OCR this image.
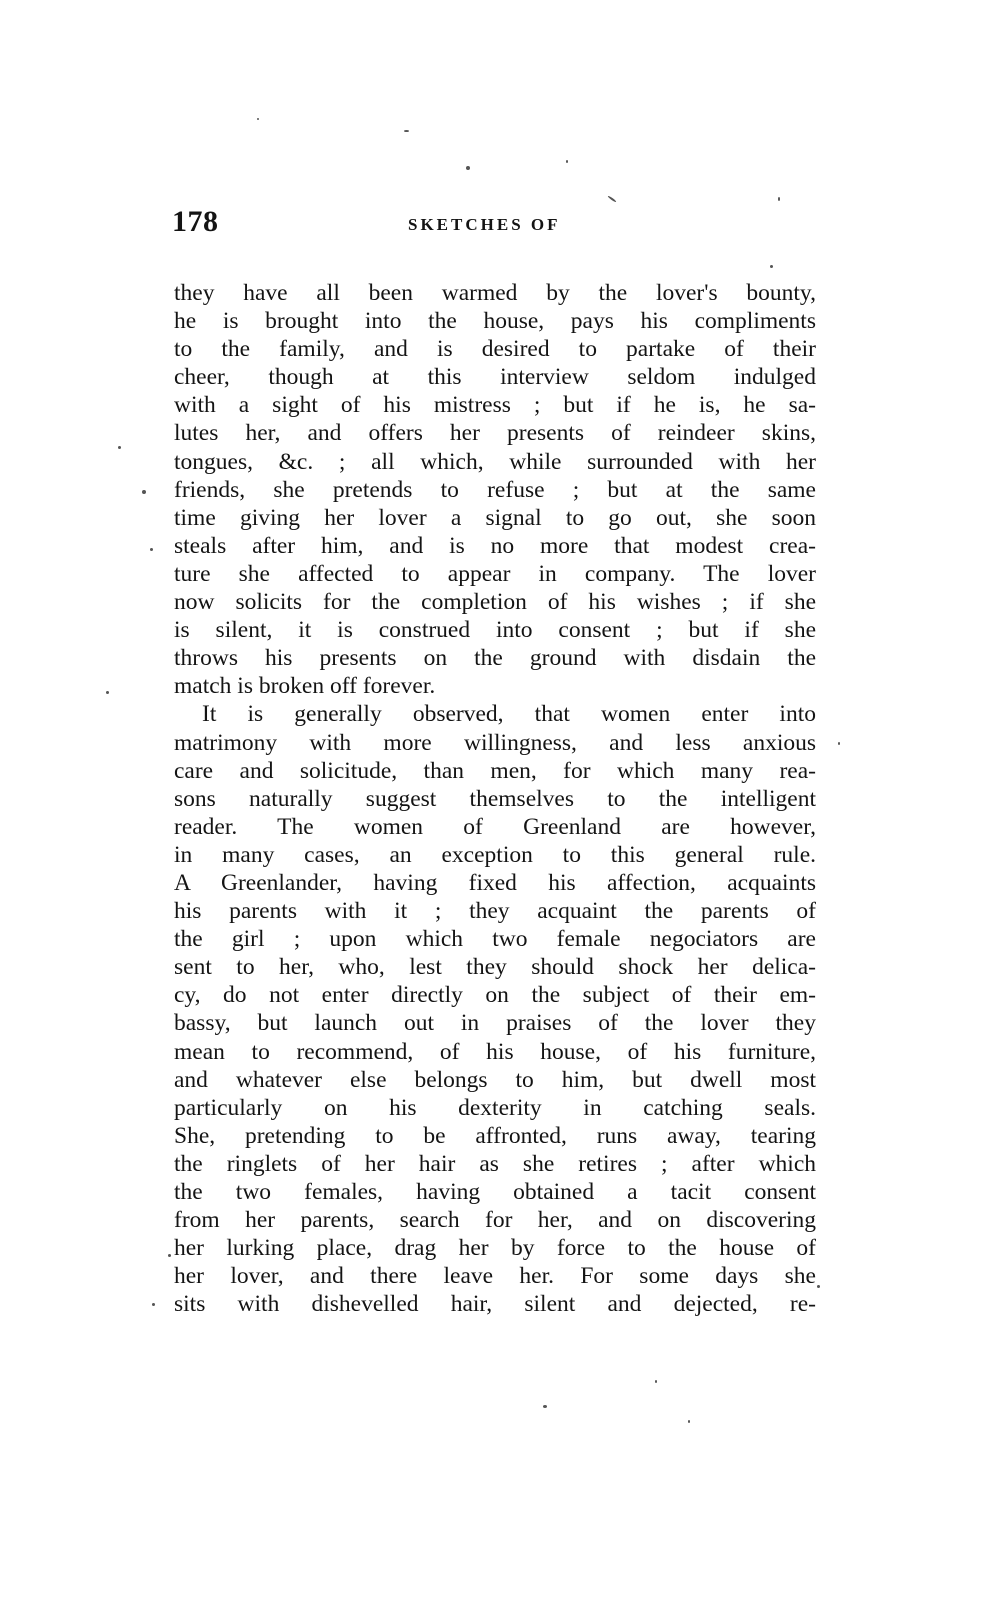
178	SKETCHES OF
they have all been warmed by the lover's bounty,
he is brought into the house, pays his compliments
to the family, and is desired to partake of their
cheer, though at this interview seldom indulged
with a sight of his mistress ; but if he is, he sa-
lutes her, and offers her presents of reindeer skins,
tongues, &c. ; all which, while surrounded with her
friends, she pretends to refuse ; but at the same
time giving her lover a signal to go out, she soon
steals after him, and is no more that modest crea-
ture she affected to appear in company. The lover
now solicits for the completion of his wishes ; if she
is silent, it is construed into consent ; but if she
throws his presents on the ground with disdain the
match is broken off forever.
It is generally observed, that women enter into
matrimony with more willingness, and less anxious
care and solicitude, than men, for which many rea-
sons naturally suggest themselves to the intelligent
reader. The women of Greenland are however,
in many cases, an exception to this general rule.
A Greenlander, having fixed his affection, acquaints
his parents with it ; they acquaint the parents of
the girl ; upon which two female negociators are
sent to her, who, lest they should shock her delica-
cy, do not enter directly on the subject of their em-
bassy, but launch out in praises of the lover they
mean to recommend, of his house, of his furniture,
and whatever else belongs to him, but dwell most
particularly on his dexterity in catching seals.
She, pretending to be affronted, runs away, tearing
the ringlets of her hair as she retires ; after which
the two females, having obtained a tacit consent
from her parents, search for her, and on discovering
her lurking place, drag her by force to the house of
her lover, and there leave her. For some days she
sits with dishevelled hair, silent and dejected, re-
